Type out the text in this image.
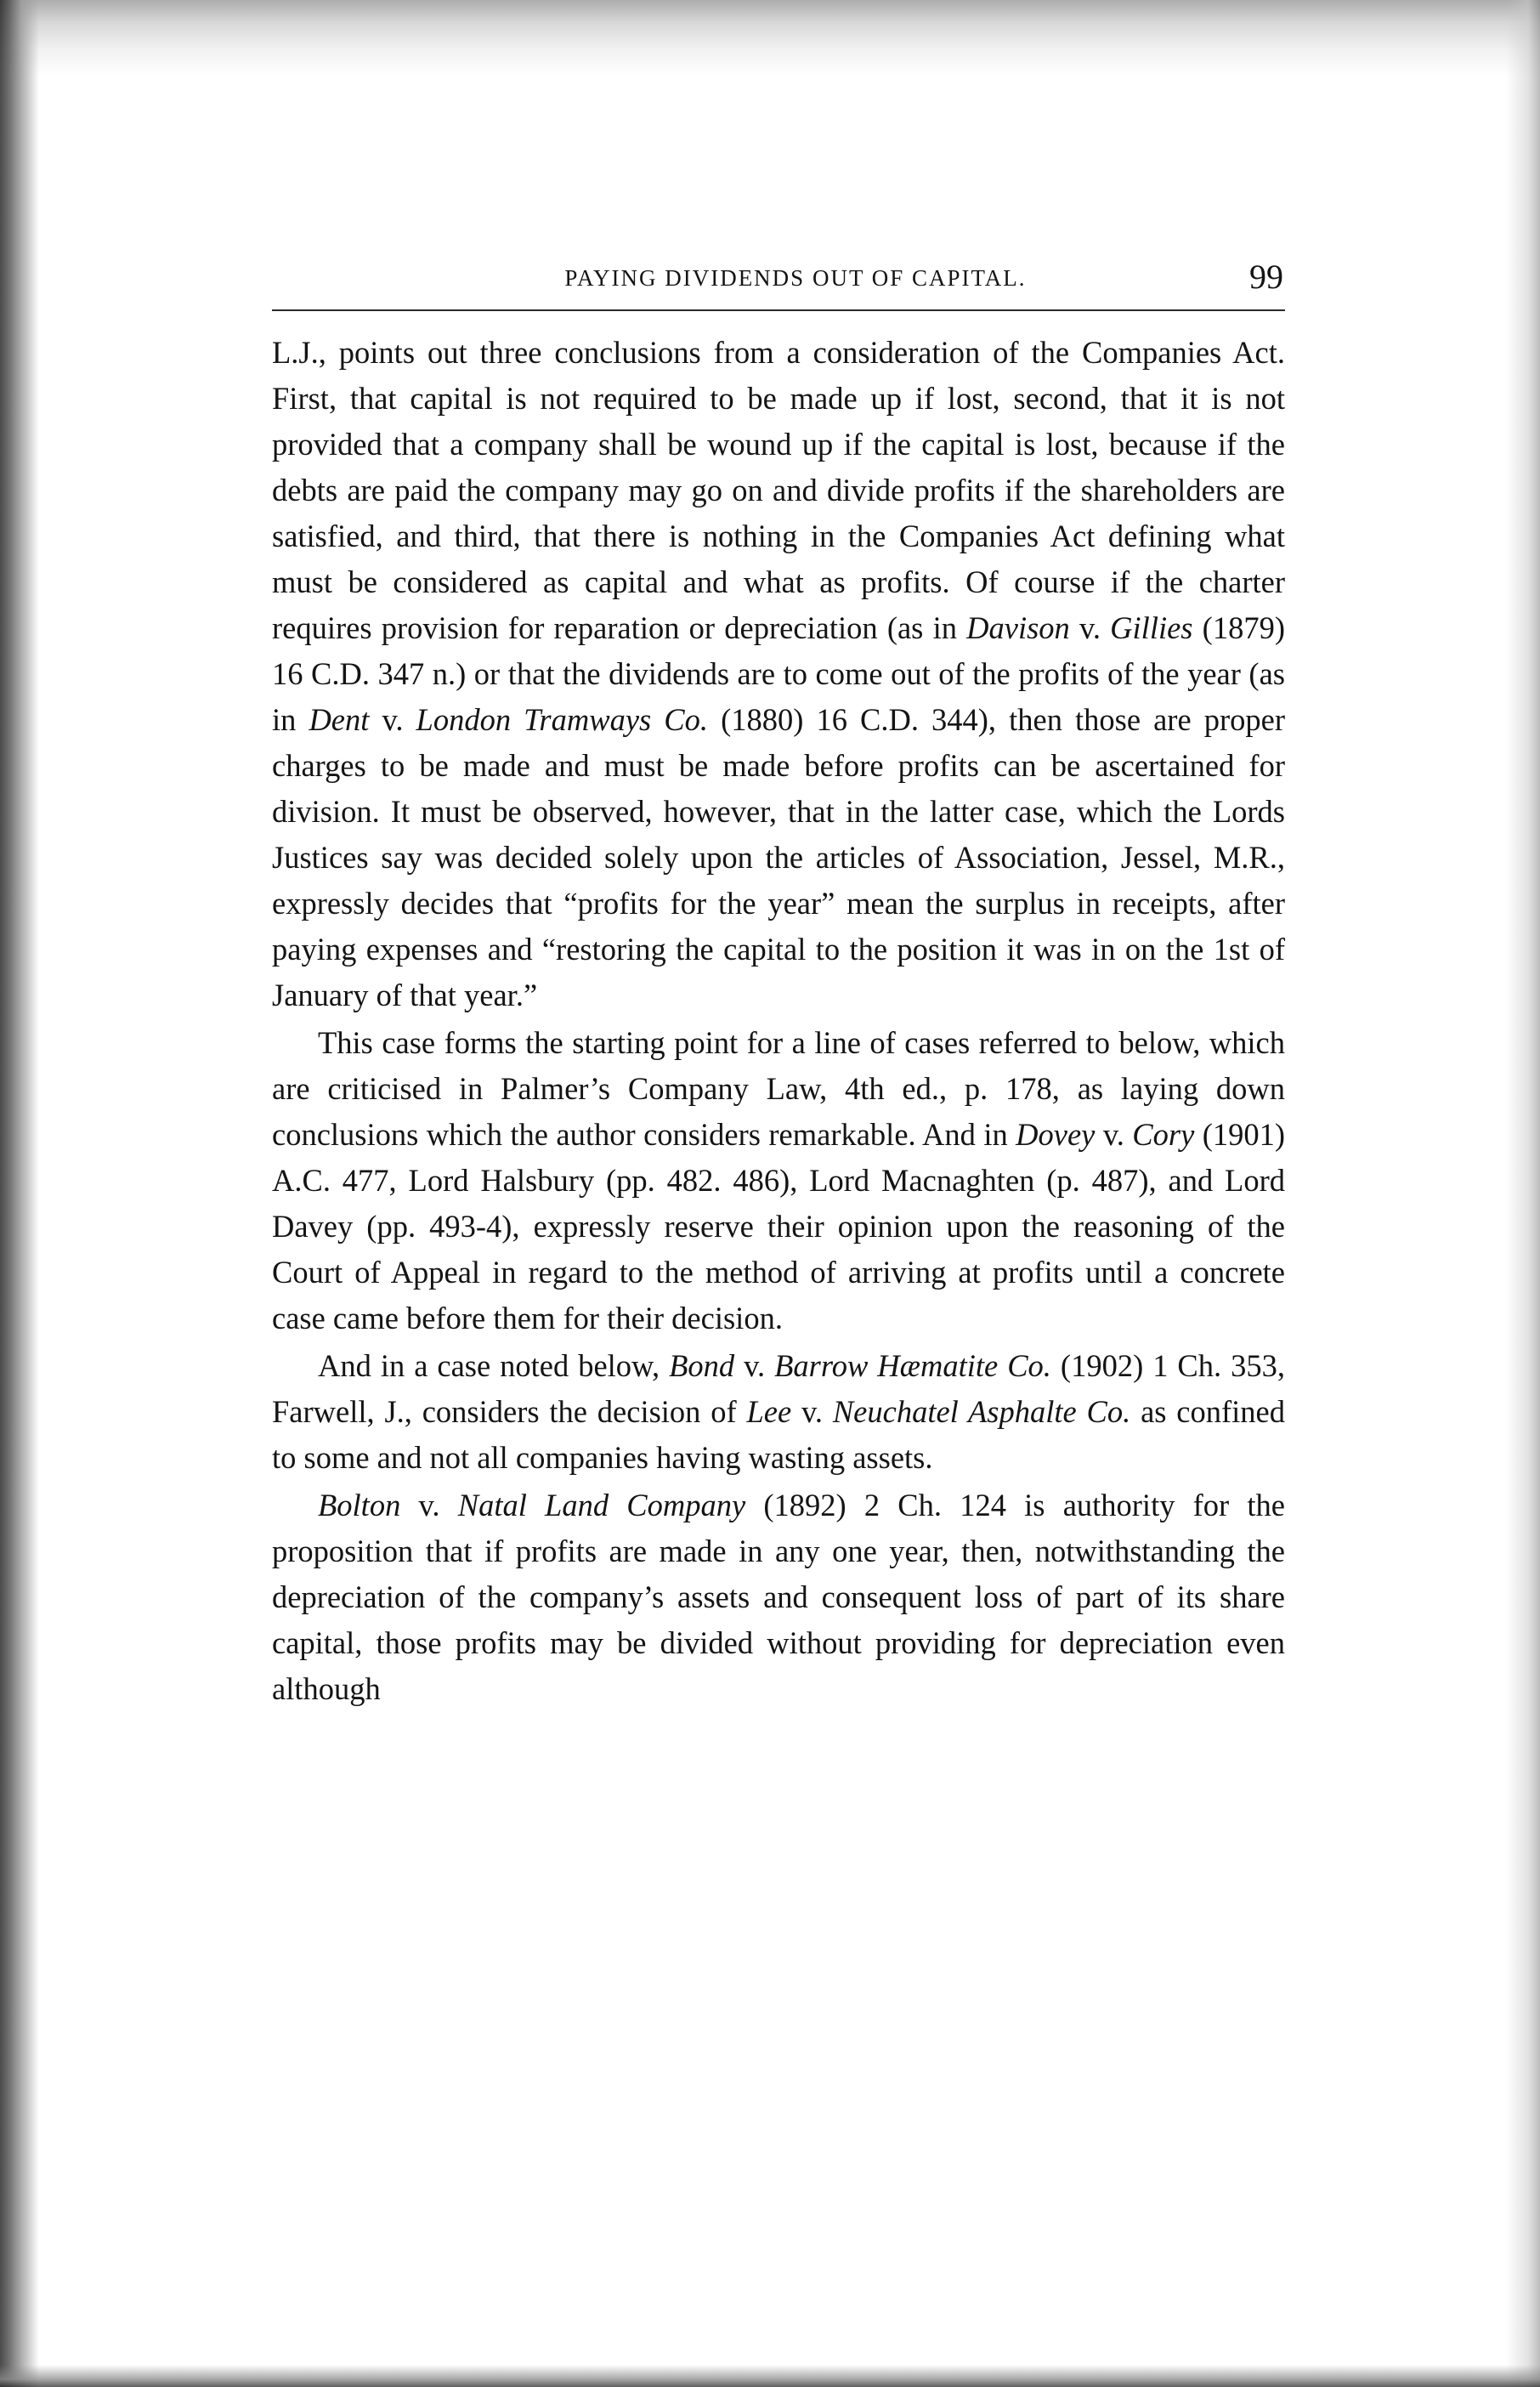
PAYING DIVIDENDS OUT OF CAPITAL.	99

L.J., points out three conclusions from a consideration of the Companies Act. First, that capital is not required to be made up if lost, second, that it is not provided that a company shall be wound up if the capital is lost, because if the debts are paid the company may go on and divide profits if the shareholders are satisfied, and third, that there is nothing in the Companies Act defining what must be considered as capital and what as profits. Of course if the charter requires provision for reparation or depreciation (as in Davison v. Gillies (1879) 16 C.D. 347 n.) or that the dividends are to come out of the profits of the year (as in Dent v. London Tramways Co. (1880) 16 C.D. 344), then those are proper charges to be made and must be made before profits can be ascertained for division. It must be observed, however, that in the latter case, which the Lords Justices say was decided solely upon the articles of Association, Jessel, M.R., expressly decides that “profits for the year” mean the surplus in receipts, after paying expenses and “restoring the capital to the position it was in on the 1st of January of that year.”

This case forms the starting point for a line of cases referred to below, which are criticised in Palmer’s Company Law, 4th ed., p. 178, as laying down conclusions which the author considers remarkable. And in Dovey v. Cory (1901) A.C. 477, Lord Halsbury (pp. 482. 486), Lord Macnaghten (p. 487), and Lord Davey (pp. 493-4), expressly reserve their opinion upon the reasoning of the Court of Appeal in regard to the method of arriving at profits until a concrete case came before them for their decision.

And in a case noted below, Bond v. Barrow Hæmatite Co. (1902) 1 Ch. 353, Farwell, J., considers the decision of Lee v. Neuchatel Asphalte Co. as confined to some and not all companies having wasting assets.

Bolton v. Natal Land Company (1892) 2 Ch. 124 is authority for the proposition that if profits are made in any one year, then, notwithstanding the depreciation of the company’s assets and consequent loss of part of its share capital, those profits may be divided without providing for depreciation even although
